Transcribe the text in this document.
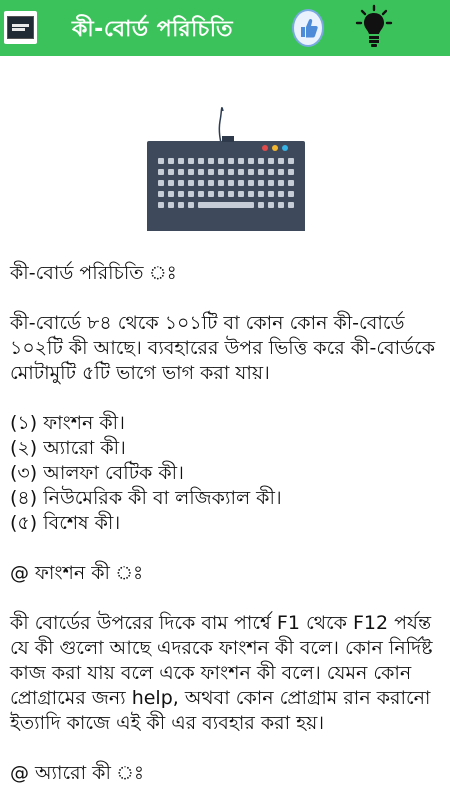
কী-বোর্ড পরিচিতি

কী-বোর্ড পরিচিতি ঃ

কী-বোর্ডে ৮৪ থেকে ১০১টি বা কোন কোন কী-বোর্ডে ১০২টি কী আছে। ব্যবহারের উপর ভিত্তি করে কী-বোর্ডকে মোটামুটি ৫টি ভাগে ভাগ করা যায়।

(১) ফাংশন কী।

(২) অ্যারো কী।

(৩) আলফা বেটিক কী।

(৪) নিউমেরিক কী বা লজিক্যাল কী।

(৫) বিশেষ কী।

@ ফাংশন কী ঃ

কী বোর্ডের উপরের দিকে বাম পার্শ্বে F1 থেকে F12 পর্যন্ত যে কী গুলো আছে এদরকে ফাংশন কী বলে। কোন নির্দিষ্ট কাজ করা যায় বলে একে ফাংশন কী বলে। যেমন কোন প্রোগ্রামের জন্য help, অথবা কোন প্রোগ্রাম রান করানো ইত্যাদি কাজে এই কী এর ব্যবহার করা হয়।

@ অ্যারো কী ঃ
